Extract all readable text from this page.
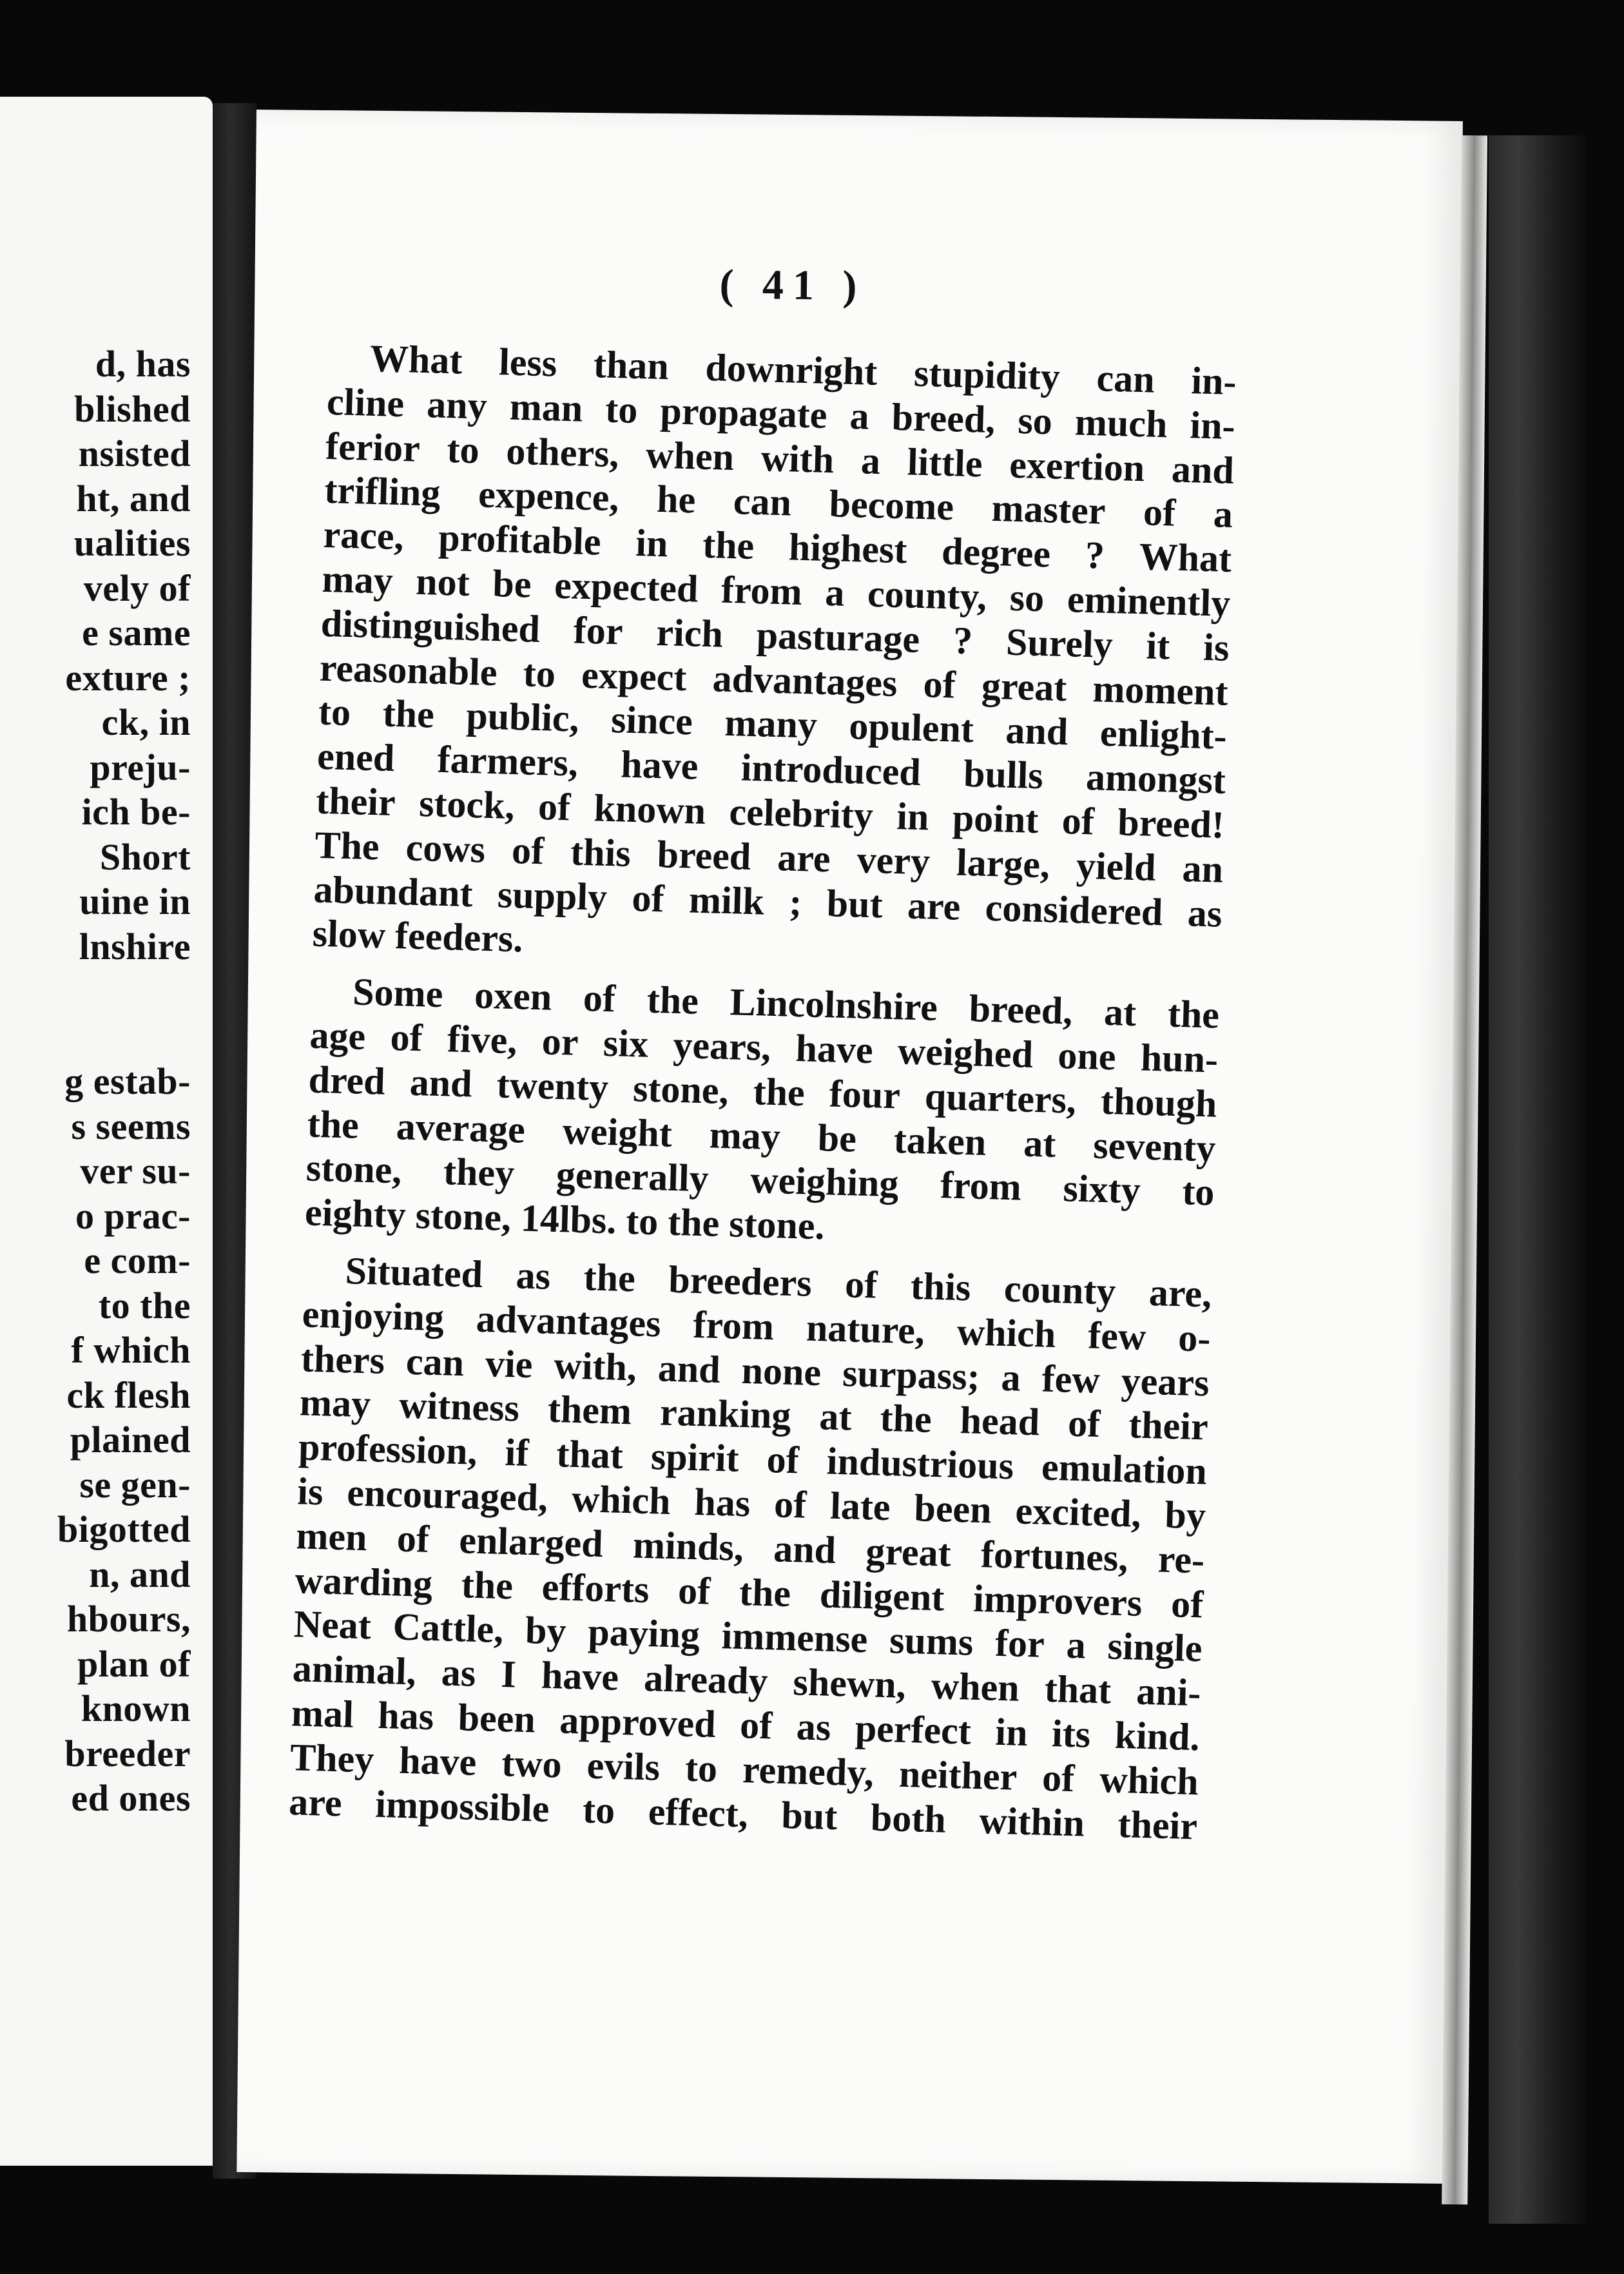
d, has
blished
nsisted
ht, and
ualities
vely of
e same
exture ;
ck, in
preju-
ich be-
Short
uine in
lnshire
g estab-
s seems
ver su-
o prac-
e com-
to the
f which
ck flesh
plained
se gen-
bigotted
n, and
hbours,
plan of
known
breeder
ed ones
( 41 )
What less than downright stupidity can in-
cline any man to propagate a breed, so much in-
ferior to others, when with a little exertion and
trifling expence, he can become master of a
race, profitable in the highest degree ? What
may not be expected from a county, so eminently
distinguished for rich pasturage ? Surely it is
reasonable to expect advantages of great moment
to the public, since many opulent and enlight-
ened farmers, have introduced bulls amongst
their stock, of known celebrity in point of breed!
The cows of this breed are very large, yield an
abundant supply of milk ; but are considered as
slow feeders.
Some oxen of the Lincolnshire breed, at the
age of five, or six years, have weighed one hun-
dred and twenty stone, the four quarters, though
the average weight may be taken at seventy
stone, they generally weighing from sixty to
eighty stone, 14lbs. to the stone.
Situated as the breeders of this county are,
enjoying advantages from nature, which few o-
thers can vie with, and none surpass; a few years
may witness them ranking at the head of their
profession, if that spirit of industrious emulation
is encouraged, which has of late been excited, by
men of enlarged minds, and great fortunes, re-
warding the efforts of the diligent improvers of
Neat Cattle, by paying immense sums for a single
animal, as I have already shewn, when that ani-
mal has been approved of as perfect in its kind.
They have two evils to remedy, neither of which
are impossible to effect, but both within their
